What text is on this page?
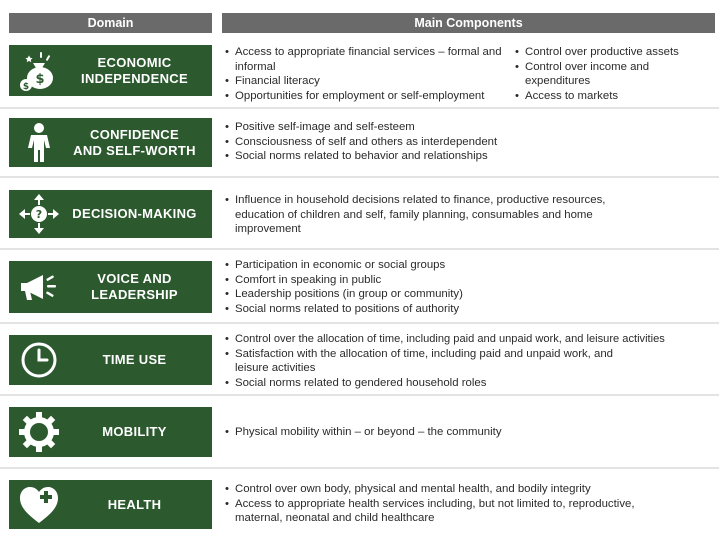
Domain	Main Components
$
$
ECONOMIC
INDEPENDENCE
• Access to appropriate financial services – formal and informal
• Financial literacy
• Opportunities for employment or self-employment
• Control over productive assets
• Control over income and expenditures
• Access to markets
CONFIDENCE
AND SELF-WORTH
• Positive self-image and self-esteem
• Consciousness of self and others as interdependent
• Social norms related to behavior and relationships
? DECISION-MAKING
• Influence in household decisions related to finance, productive resources, education of children and self, family planning, consumables and home improvement
VOICE AND
LEADERSHIP
• Participation in economic or social groups
• Comfort in speaking in public
• Leadership positions (in group or community)
• Social norms related to positions of authority
TIME USE
• Control over the allocation of time, including paid and unpaid work, and leisure activities
• Satisfaction with the allocation of time, including paid and unpaid work, and leisure activities
• Social norms related to gendered household roles
MOBILITY
•	Physical mobility within – or beyond – the community
HEALTH
• Control over own body, physical and mental health, and bodily integrity
• Access to appropriate health services including, but not limited to, reproductive, maternal, neonatal and child healthcare
